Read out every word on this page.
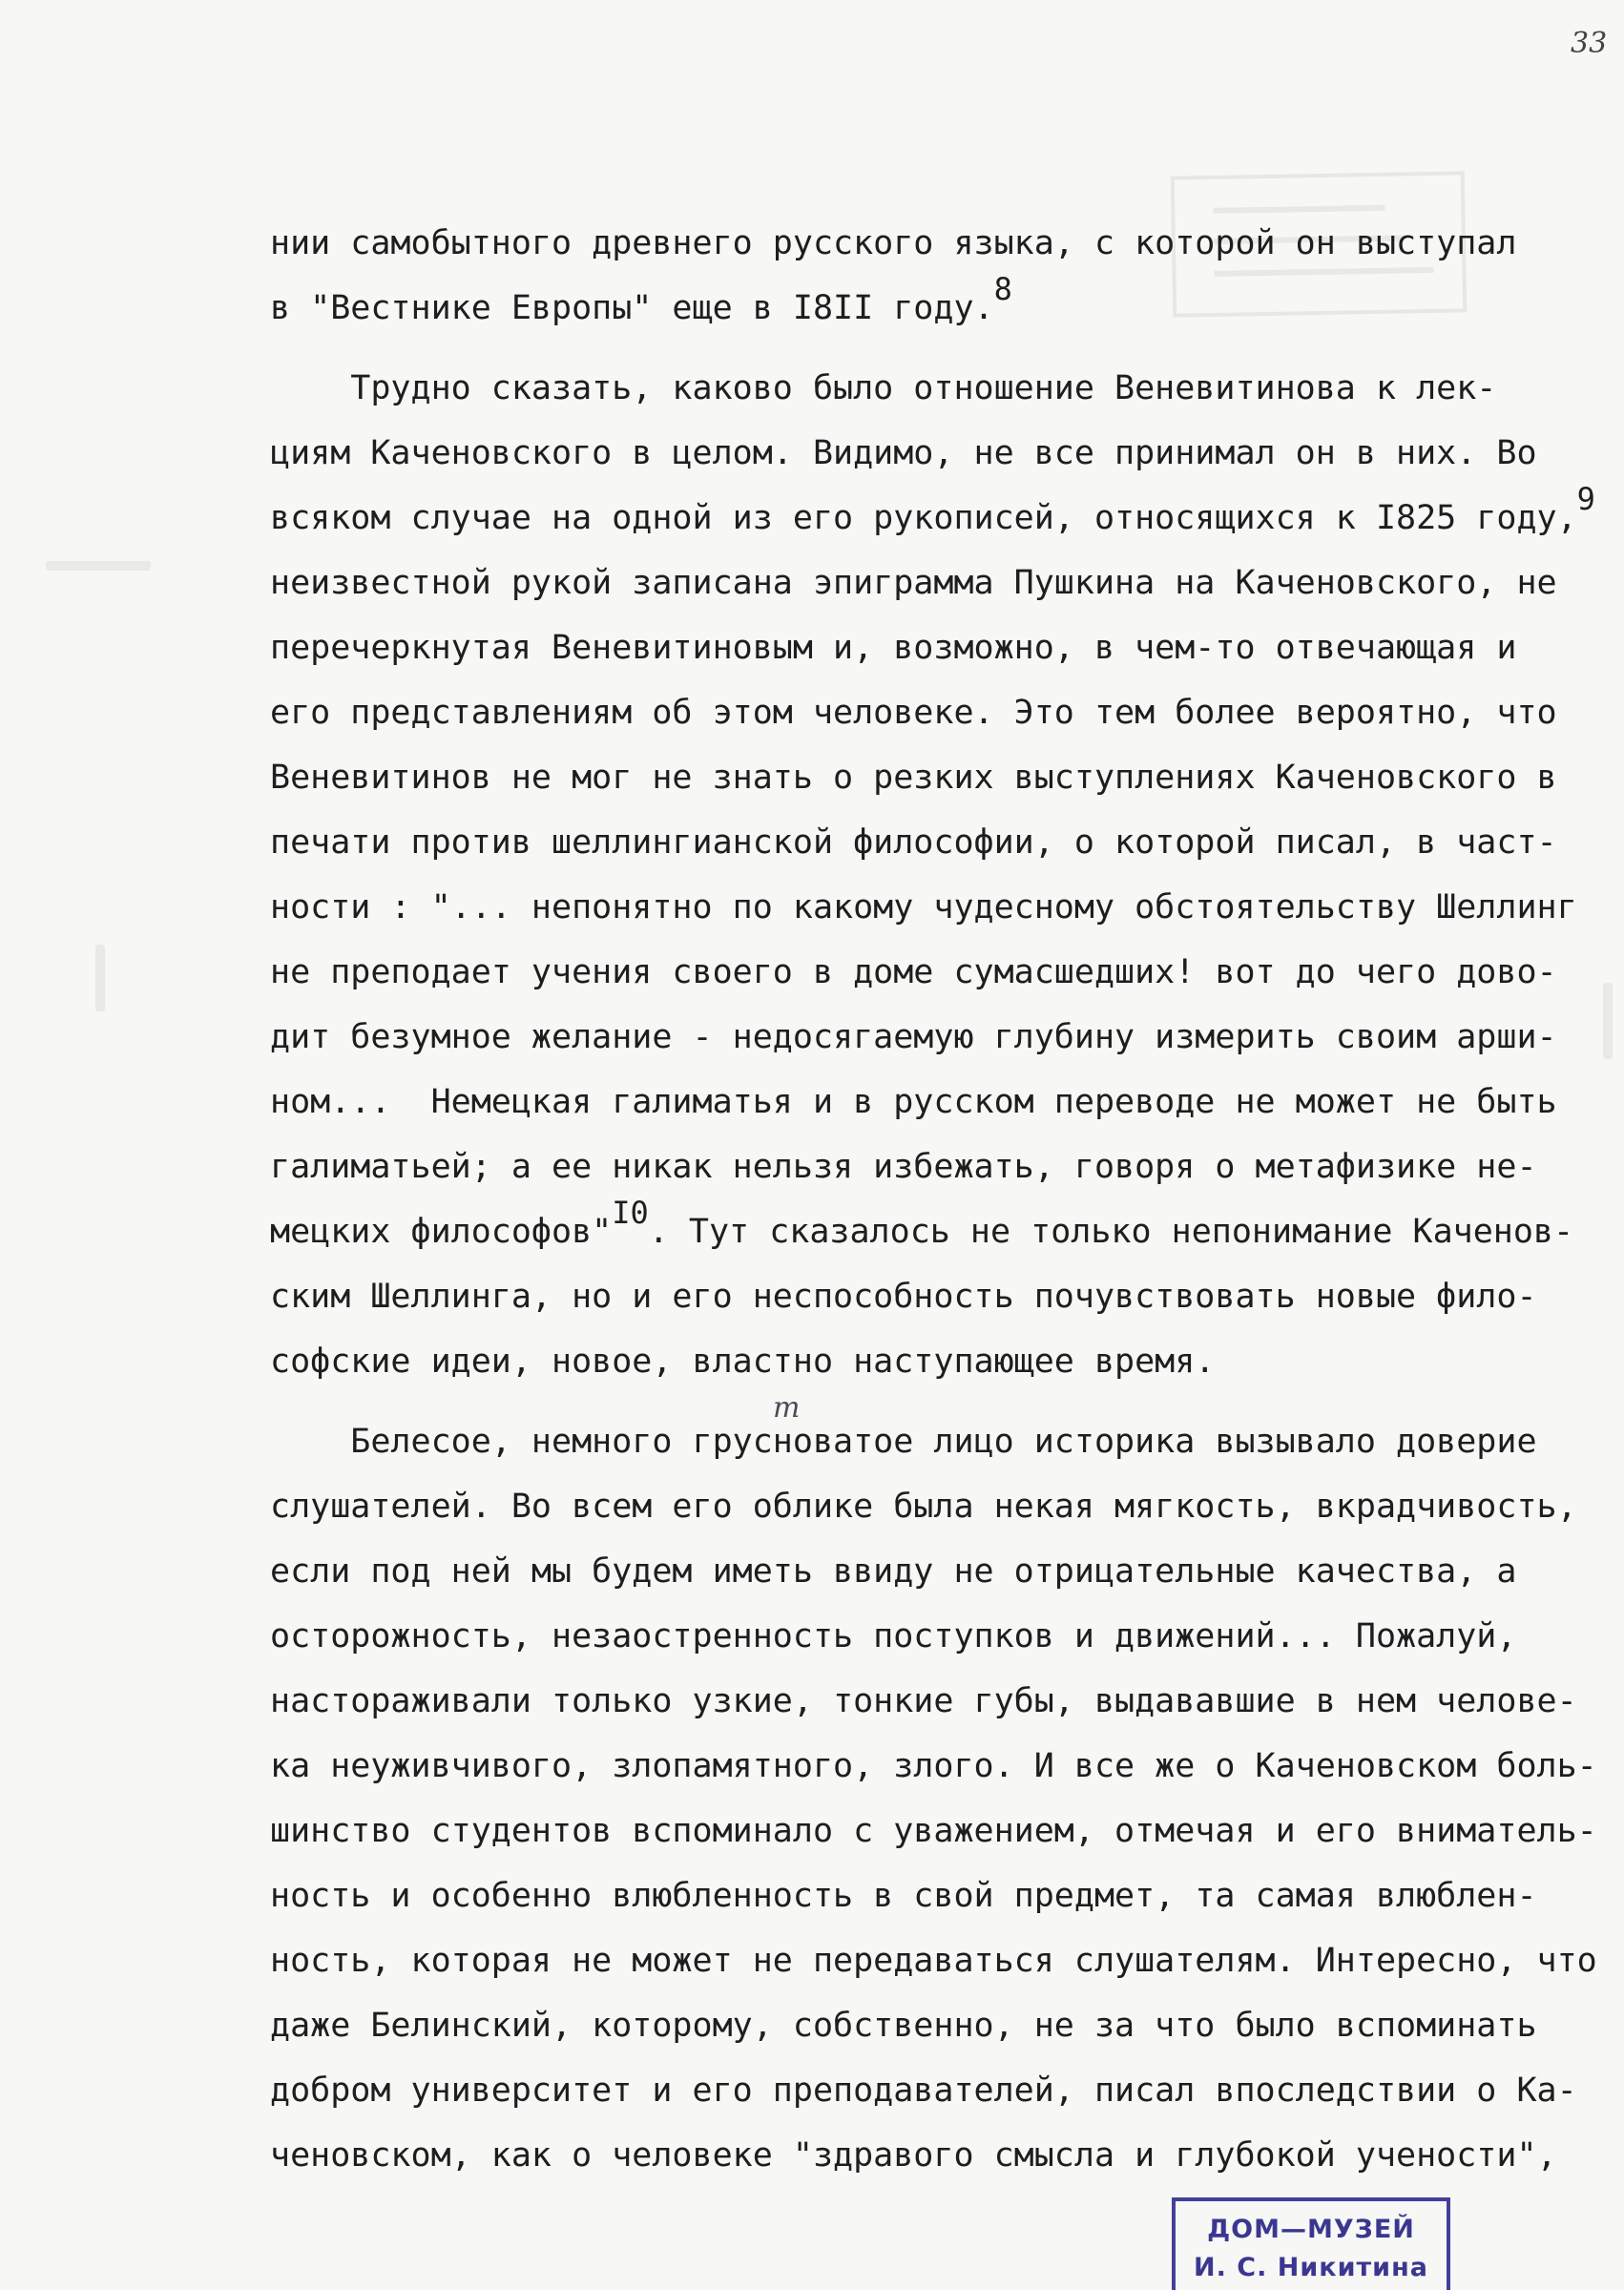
33
нии самобытного древнего русского языка, с которой он выступал
в "Вестнике Европы" еще в I8II году.8
Трудно сказать, каково было отношение Веневитинова к лек-
циям Каченовского в целом. Видимо, не все принимал он в них. Во
всяком случае на одной из его рукописей, относящихся к I825 году,9
неизвестной рукой записана эпиграмма Пушкина на Каченовского, не
перечеркнутая Веневитиновым и, возможно, в чем-то отвечающая и
его представлениям об этом человеке. Это тем более вероятно, что
Веневитинов не мог не знать о резких выступлениях Каченовского в
печати против шеллингианской философии, о которой писал, в част-
ности : "... непонятно по какому чудесному обстоятельству Шеллинг
не преподает учения своего в доме сумасшедших! вот до чего дово-
дит безумное желание - недосягаемую глубину измерить своим арши-
ном...  Немецкая галиматья и в русском переводе не может не быть
галиматьей; а ее никак нельзя избежать, говоря о метафизике не-
мецких философов"I0. Тут сказалось не только непонимание Каченов-
ским Шеллинга, но и его неспособность почувствовать новые фило-
софские идеи, новое, властно наступающее время.
Белесое, немного грусноватое лицо историка вызывало доверие
слушателей. Во всем его облике была некая мягкость, вкрадчивость,
если под ней мы будем иметь ввиду не отрицательные качества, а
осторожность, незаостренность поступков и движений... Пожалуй,
настораживали только узкие, тонкие губы, выдававшие в нем челове-
ка неуживчивого, злопамятного, злого. И все же о Каченовском боль-
шинство студентов вспоминало с уважением, отмечая и его вниматель-
ность и особенно влюбленность в свой предмет, та самая влюблен-
ность, которая не может не передаваться слушателям. Интересно, что
даже Белинский, которому, собственно, не за что было вспоминать
добром университет и его преподавателей, писал впоследствии о Ка-
ченовском, как о человеке "здравого смысла и глубокой учености",
т
ДОМ—МУЗЕЙ
И. С. Никитина
